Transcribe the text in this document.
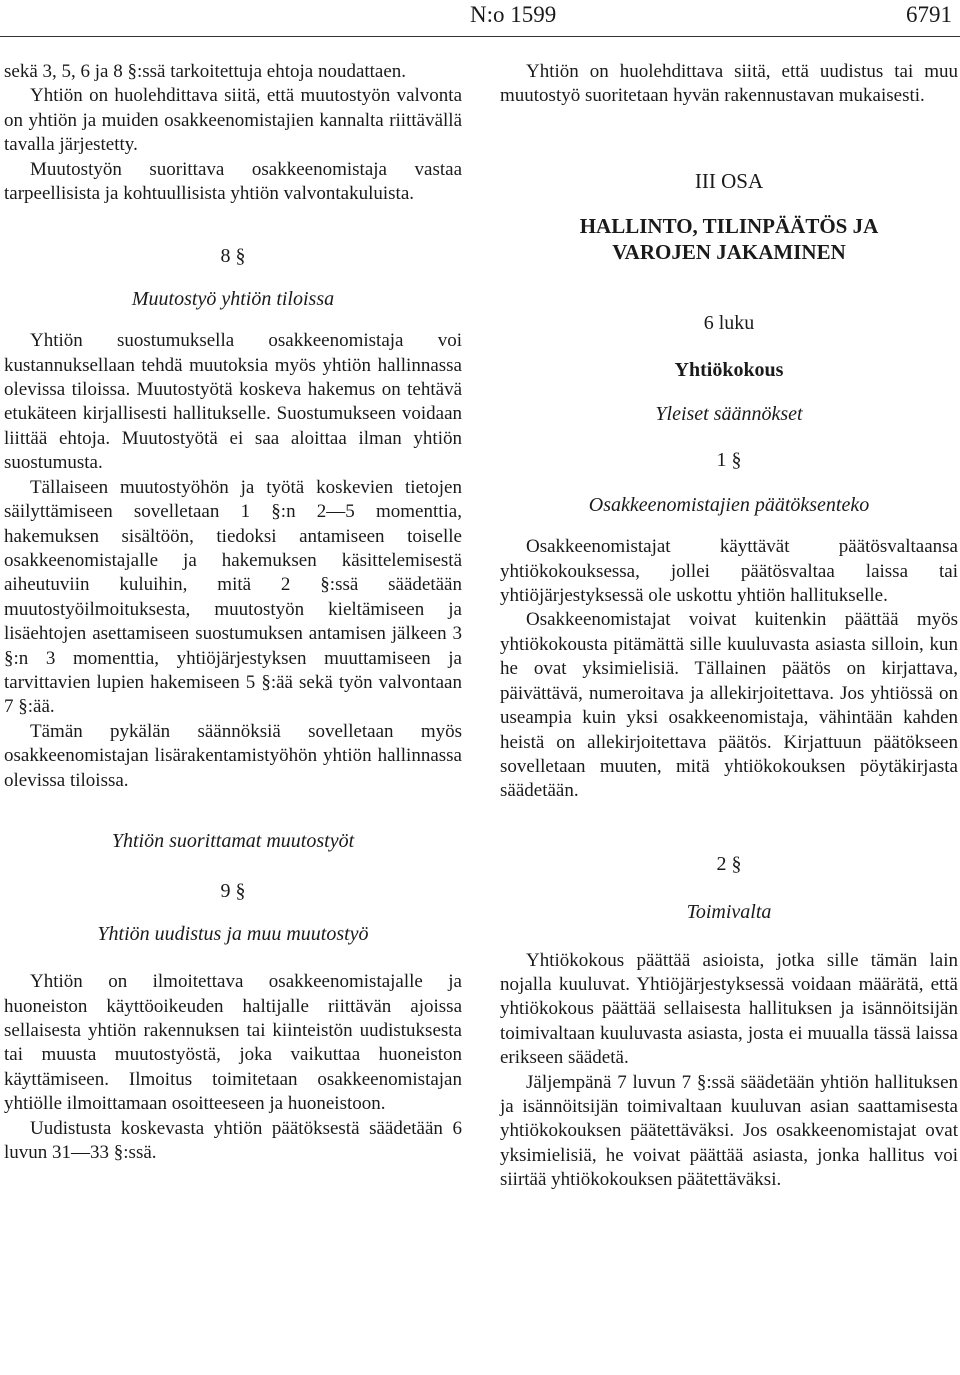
N:o 1599	6791

sekä 3, 5, 6 ja 8 §:ssä tarkoitettuja ehtoja noudattaen.

Yhtiön on huolehdittava siitä, että muutostyön valvonta on yhtiön ja muiden osakkeenomistajien kannalta riittävällä tavalla järjestetty.

Muutostyön suorittava osakkeenomistaja vastaa tarpeellisista ja kohtuullisista yhtiön valvontakuluista.

8 §

Muutostyö yhtiön tiloissa

Yhtiön suostumuksella osakkeenomistaja voi kustannuksellaan tehdä muutoksia myös yhtiön hallinnassa olevissa tiloissa. Muutostyötä koskeva hakemus on tehtävä etukäteen kirjallisesti hallitukselle. Suostumukseen voidaan liittää ehtoja. Muutostyötä ei saa aloittaa ilman yhtiön suostumusta.

Tällaiseen muutostyöhön ja työtä koskevien tietojen säilyttämiseen sovelletaan 1 §:n 2—5 momenttia, hakemuksen sisältöön, tiedoksi antamiseen toiselle osakkeenomistajalle ja hakemuksen käsittelemisestä aiheutuviin kuluihin, mitä 2 §:ssä säädetään muutostyöilmoituksesta, muutostyön kieltämiseen ja lisäehtojen asettamiseen suostumuksen antamisen jälkeen 3 §:n 3 momenttia, yhtiöjärjestyksen muuttamiseen ja tarvittavien lupien hakemiseen 5 §:ää sekä työn valvontaan 7 §:ää.

Tämän pykälän säännöksiä sovelletaan myös osakkeenomistajan lisärakentamistyöhön yhtiön hallinnassa olevissa tiloissa.

Yhtiön suorittamat muutostyöt

9 §

Yhtiön uudistus ja muu muutostyö

Yhtiön on ilmoitettava osakkeenomistajalle ja huoneiston käyttöoikeuden haltijalle riittävän ajoissa sellaisesta yhtiön rakennuksen tai kiinteistön uudistuksesta tai muusta muutostyöstä, joka vaikuttaa huoneiston käyttämiseen. Ilmoitus toimitetaan osakkeenomistajan yhtiölle ilmoittamaan osoitteeseen ja huoneistoon.

Uudistusta koskevasta yhtiön päätöksestä säädetään 6 luvun 31—33 §:ssä.

Yhtiön on huolehdittava siitä, että uudistus tai muu muutostyö suoritetaan hyvän rakennustavan mukaisesti.

III OSA

HALLINTO, TILINPÄÄTÖS JA

VAROJEN JAKAMINEN

6 luku

Yhtiökokous

Yleiset säännökset

1 §

Osakkeenomistajien päätöksenteko

Osakkeenomistajat käyttävät päätösvaltaansa yhtiökokouksessa, jollei päätösvaltaa laissa tai yhtiöjärjestyksessä ole uskottu yhtiön hallitukselle.

Osakkeenomistajat voivat kuitenkin päättää myös yhtiökokousta pitämättä sille kuuluvasta asiasta silloin, kun he ovat yksimielisiä. Tällainen päätös on kirjattava, päivättävä, numeroitava ja allekirjoitettava. Jos yhtiössä on useampia kuin yksi osakkeenomistaja, vähintään kahden heistä on allekirjoitettava päätös. Kirjattuun päätökseen sovelletaan muuten, mitä yhtiökokouksen pöytäkirjasta säädetään.

2 §

Toimivalta

Yhtiökokous päättää asioista, jotka sille tämän lain nojalla kuuluvat. Yhtiöjärjestyksessä voidaan määrätä, että yhtiökokous päättää sellaisesta hallituksen ja isännöitsijän toimivaltaan kuuluvasta asiasta, josta ei muualla tässä laissa erikseen säädetä.

Jäljempänä 7 luvun 7 §:ssä säädetään yhtiön hallituksen ja isännöitsijän toimivaltaan kuuluvan asian saattamisesta yhtiökokouksen päätettäväksi. Jos osakkeenomistajat ovat yksimielisiä, he voivat päättää asiasta, jonka hallitus voi siirtää yhtiökokouksen päätettäväksi.
